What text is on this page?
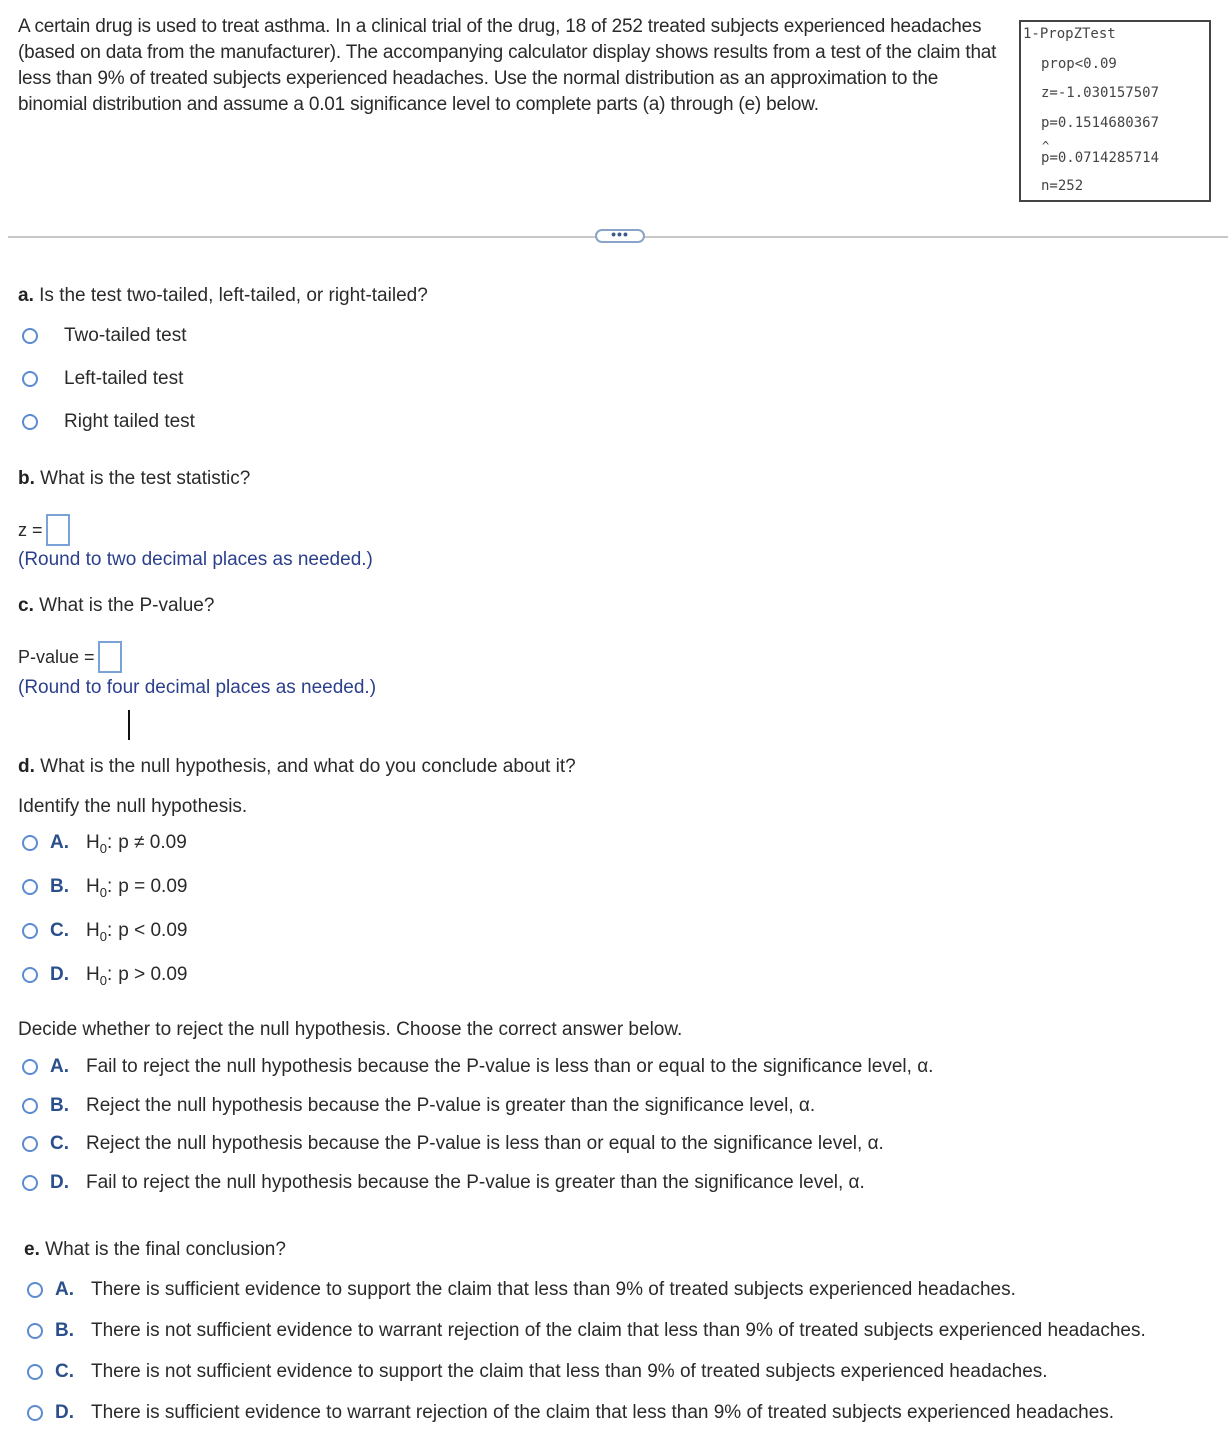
A certain drug is used to treat asthma. In a clinical trial of the drug, 18 of 252 treated subjects experienced headaches (based on data from the manufacturer). The accompanying calculator display shows results from a test of the claim that less than 9% of treated subjects experienced headaches. Use the normal distribution as an approximation to the binomial distribution and assume a 0.01 significance level to complete parts (a) through (e) below.
1-PropZTest
prop<0.09
z=-1.030157507
p=0.1514680367
^ p=0.0714285714
n=252
•••
a. Is the test two-tailed, left-tailed, or right-tailed?
Two-tailed test
Left-tailed test
Right tailed test
b. What is the test statistic?
z =
(Round to two decimal places as needed.)
c. What is the P-value?
P-value =
(Round to four decimal places as needed.)
d. What is the null hypothesis, and what do you conclude about it?
Identify the null hypothesis.
A. $H_0$: p ≠ 0.09
B. $H_0$: p = 0.09
C. $H_0$: p < 0.09
D. $H_0$: p > 0.09
Decide whether to reject the null hypothesis. Choose the correct answer below.
A. Fail to reject the null hypothesis because the P-value is less than or equal to the significance level, α.
B. Reject the null hypothesis because the P-value is greater than the significance level, α.
C. Reject the null hypothesis because the P-value is less than or equal to the significance level, α.
D. Fail to reject the null hypothesis because the P-value is greater than the significance level, α.
e. What is the final conclusion?
A. There is sufficient evidence to support the claim that less than 9% of treated subjects experienced headaches.
B. There is not sufficient evidence to warrant rejection of the claim that less than 9% of treated subjects experienced headaches.
C. There is not sufficient evidence to support the claim that less than 9% of treated subjects experienced headaches.
D. There is sufficient evidence to warrant rejection of the claim that less than 9% of treated subjects experienced headaches.
